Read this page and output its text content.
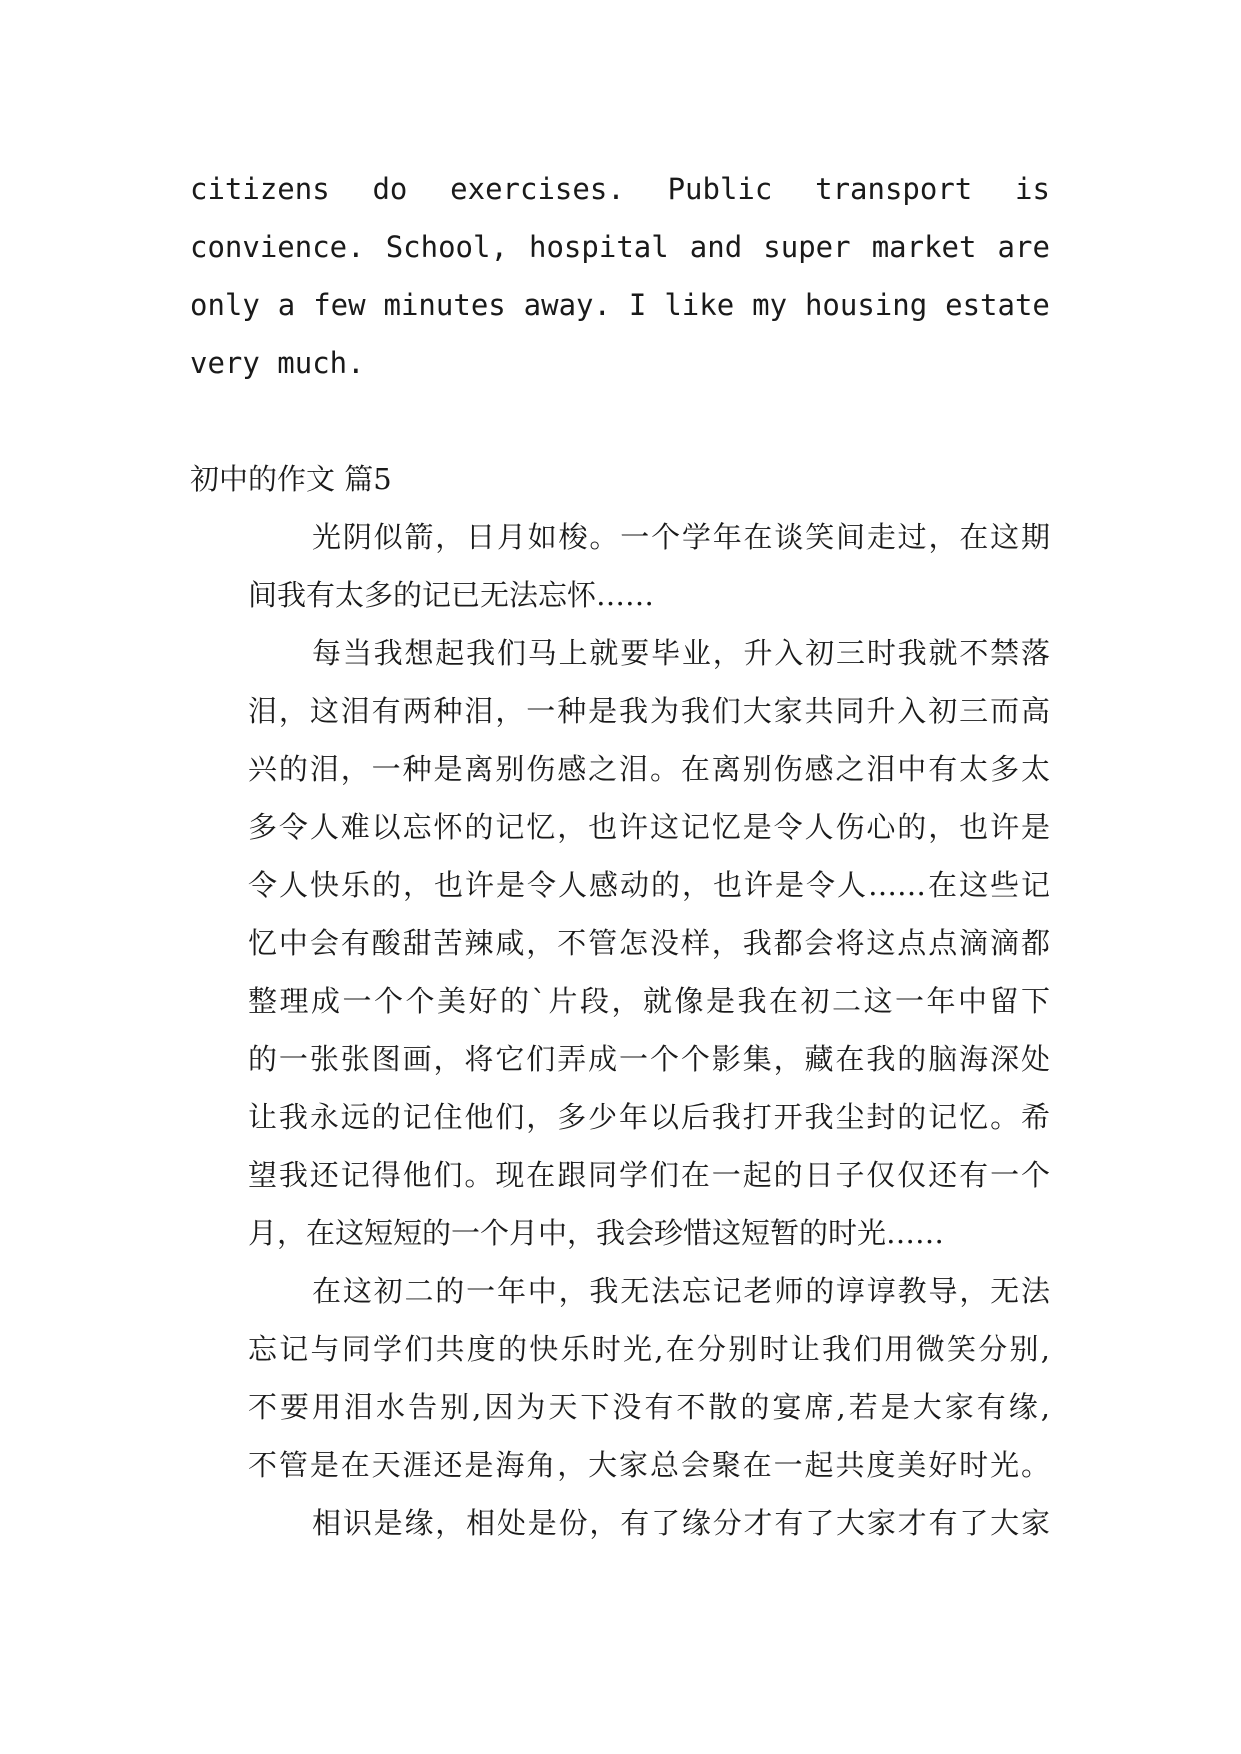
citizens do exercises. Public transport is
convience. School, hospital and super market are
only a few minutes away. I like my housing estate
very much.
初中的作文 篇5

光阴似箭，日月如梭。一个学年在谈笑间走过，在这期
间我有太多的记已无法忘怀……

每当我想起我们马上就要毕业，升入初三时我就不禁落
泪，这泪有两种泪，一种是我为我们大家共同升入初三而高
兴的泪，一种是离别伤感之泪。在离别伤感之泪中有太多太
多令人难以忘怀的记忆，也许这记忆是令人伤心的，也许是
令人快乐的，也许是令人感动的，也许是令人……在这些记
忆中会有酸甜苦辣咸，不管怎没样，我都会将这点点滴滴都
整理成一个个美好的`片段，就像是我在初二这一年中留下
的一张张图画，将它们弄成一个个影集，藏在我的脑海深处
让我永远的记住他们，多少年以后我打开我尘封的记忆。希
望我还记得他们。现在跟同学们在一起的日子仅仅还有一个
月，在这短短的一个月中，我会珍惜这短暂的时光……

在这初二的一年中，我无法忘记老师的谆谆教导，无法
忘记与同学们共度的快乐时光,在分别时让我们用微笑分别,
不要用泪水告别,因为天下没有不散的宴席,若是大家有缘,
不管是在天涯还是海角，大家总会聚在一起共度美好时光。

相识是缘，相处是份，有了缘分才有了大家才有了大家
